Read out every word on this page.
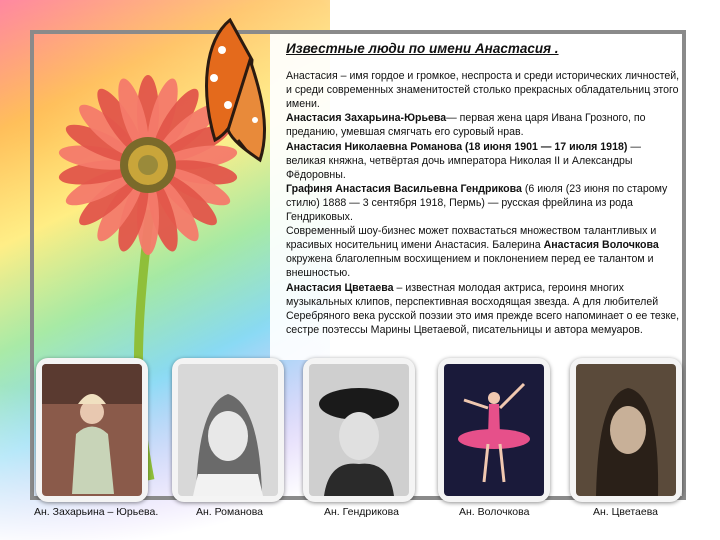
Известные люди по имени Анастасия .

Анастасия – имя гордое и громкое, неспроста и среди исторических личностей, и среди современных знаменитостей столько прекрасных обладательниц этого имени.

Анастасия Захарьина-Юрьева— первая жена царя Ивана Грозного, по преданию, умевшая смягчать его суровый нрав.

Анастасия Николаевна Романова (18 июня 1901 — 17 июля 1918) — великая княжна, четвёртая дочь императора Николая II и Александры Фёдоровны.

Графиня Анастасия Васильевна Гендрикова (6 июля (23 июня по старому стилю) 1888 — 3 сентября 1918, Пермь) — русская фрейлина из рода Гендриковых.

Современный шоу-бизнес может похвастаться множеством талантливых и красивых носительниц имени Анастасия. Балерина Анастасия Волочкова окружена благолепным восхищением и поклонением перед ее талантом и внешностью.

Анастасия Цветаева – известная молодая актриса, героиня многих музыкальных клипов, перспективная восходящая звезда. А для любителей Серебряного века русской поэзии это имя прежде всего напоминает о ее тезке, сестре поэтессы Марины Цветаевой, писательницы и автора мемуаров.

Ан. Захарьина – Юрьева.	Ан. Романова	Ан. Гендрикова	Ан. Волочкова	Ан. Цветаева
